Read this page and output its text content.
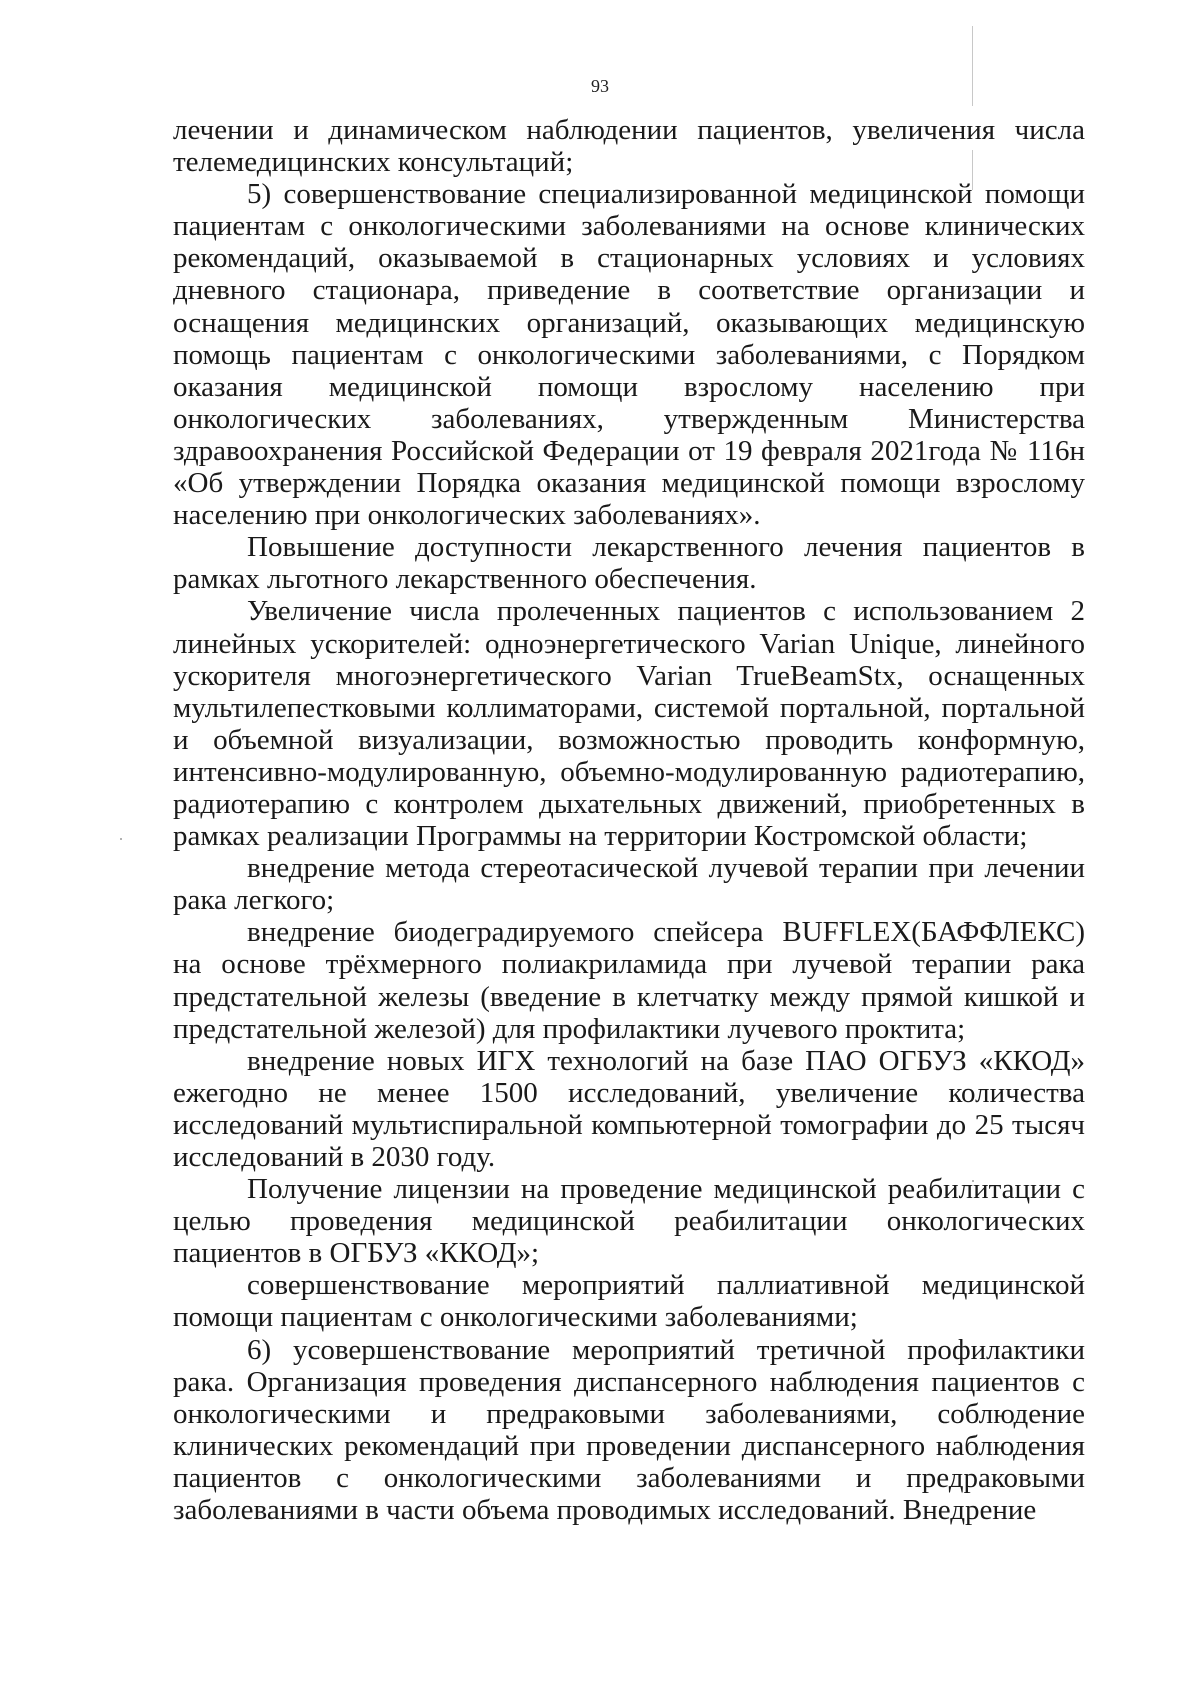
93

лечении и динамическом наблюдении пациентов, увеличения числа телемедицинских консультаций;

5) совершенствование специализированной медицинской помощи пациентам с онкологическими заболеваниями на основе клинических рекомендаций, оказываемой в стационарных условиях и условиях дневного стационара, приведение в соответствие организации и оснащения медицинских организаций, оказывающих медицинскую помощь пациентам с онкологическими заболеваниями, с Порядком оказания медицинской помощи взрослому населению при онкологических заболеваниях, утвержденным Министерства здравоохранения Российской Федерации от 19 февраля 2021года № 116н «Об утверждении Порядка оказания медицинской помощи взрослому населению при онкологических заболеваниях».

Повышение доступности лекарственного лечения пациентов в рамках льготного лекарственного обеспечения.

Увеличение числа пролеченных пациентов с использованием 2 линейных ускорителей: одноэнергетического Varian Unique, линейного ускорителя многоэнергетического Varian TrueBeamStx, оснащенных мультилепестковыми коллиматорами, системой портальной, портальной и объемной визуализации, возможностью проводить конформную, интенсивно-модулированную, объемно-модулированную радиотерапию, радиотерапию с контролем дыхательных движений, приобретенных в рамках реализации Программы на территории Костромской области;

внедрение метода стереотасической лучевой терапии при лечении рака легкого;

внедрение биодеградируемого спейсера BUFFLEX(БАФФЛЕКС) на основе трёхмерного полиакриламида при лучевой терапии рака предстательной железы (введение в клетчатку между прямой кишкой и предстательной железой) для профилактики лучевого проктита;

внедрение новых ИГХ технологий на базе ПАО ОГБУЗ «ККОД» ежегодно не менее 1500 исследований, увеличение количества исследований мультиспиральной компьютерной томографии до 25 тысяч исследований в 2030 году.

Получение лицензии на проведение медицинской реабилитации с целью проведения медицинской реабилитации онкологических пациентов в ОГБУЗ «ККОД»;

совершенствование мероприятий паллиативной медицинской помощи пациентам с онкологическими заболеваниями;

6) усовершенствование мероприятий третичной профилактики рака. Организация проведения диспансерного наблюдения пациентов с онкологическими и предраковыми заболеваниями, соблюдение клинических рекомендаций при проведении диспансерного наблюдения пациентов с онкологическими заболеваниями и предраковыми заболеваниями в части объема проводимых исследований. Внедрение
